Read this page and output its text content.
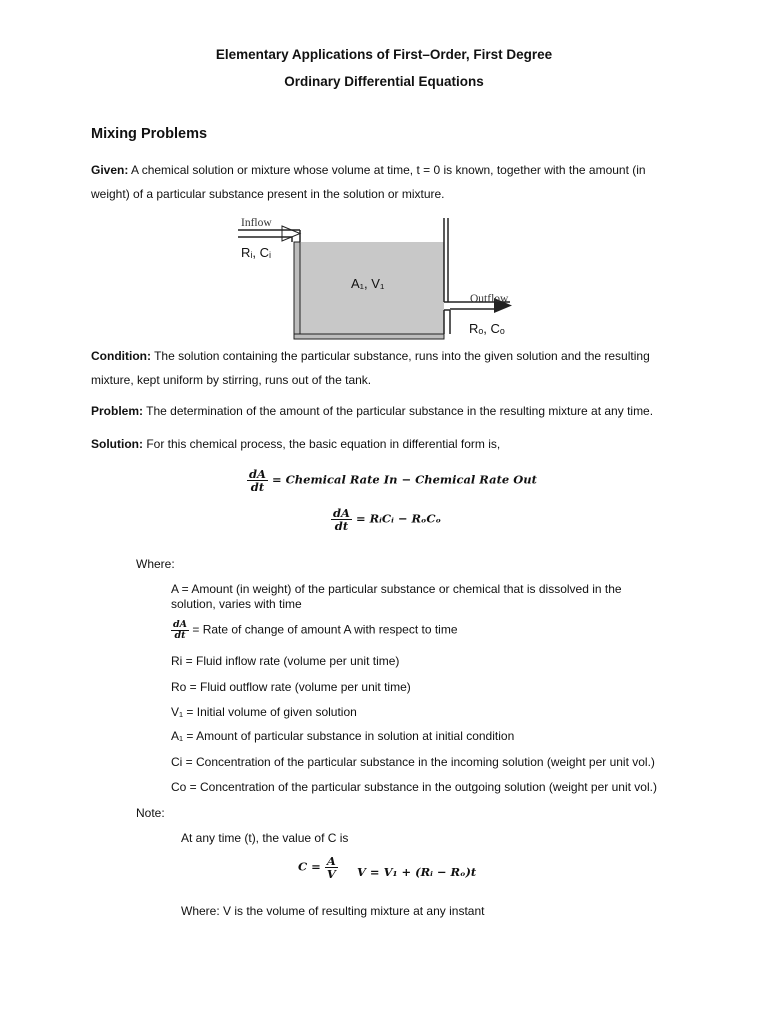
Elementary Applications of First–Order, First Degree
Ordinary Differential Equations
Mixing Problems
Given: A chemical solution or mixture whose volume at time, t = 0 is known, together with the amount (in
weight) of a particular substance present in the solution or mixture.
Inflow
Rᵢ, Cᵢ
A₁, V₁
Outflow
Rₒ, Cₒ
Condition: The solution containing the particular substance, runs into the given solution and the resulting
mixture, kept uniform by stirring, runs out of the tank.
Problem: The determination of the amount of the particular substance in the resulting mixture at any time.
Solution: For this chemical process, the basic equation in differential form is,
$\frac{dA}{dt}$ = Chemical Rate In − Chemical Rate Out
$\frac{dA}{dt}$ = RᵢCᵢ − RₒCₒ
Where:
A = Amount (in weight) of the particular substance or chemical that is dissolved in the
solution, varies with time
$\frac{dA}{dt}$ = Rate of change of amount A with respect to time
Ri = Fluid inflow rate (volume per unit time)
Ro = Fluid outflow rate (volume per unit time)
V₁ = Initial volume of given solution
A₁ = Amount of particular substance in solution at initial condition
Ci = Concentration of the particular substance in the incoming solution (weight per unit vol.)
Co = Concentration of the particular substance in the outgoing solution (weight per unit vol.)
Note:
At any time (t), the value of C is
$C = \frac{A}{V}$ V = V₁ + (Rᵢ − Rₒ)t
Where: V is the volume of resulting mixture at any instant
